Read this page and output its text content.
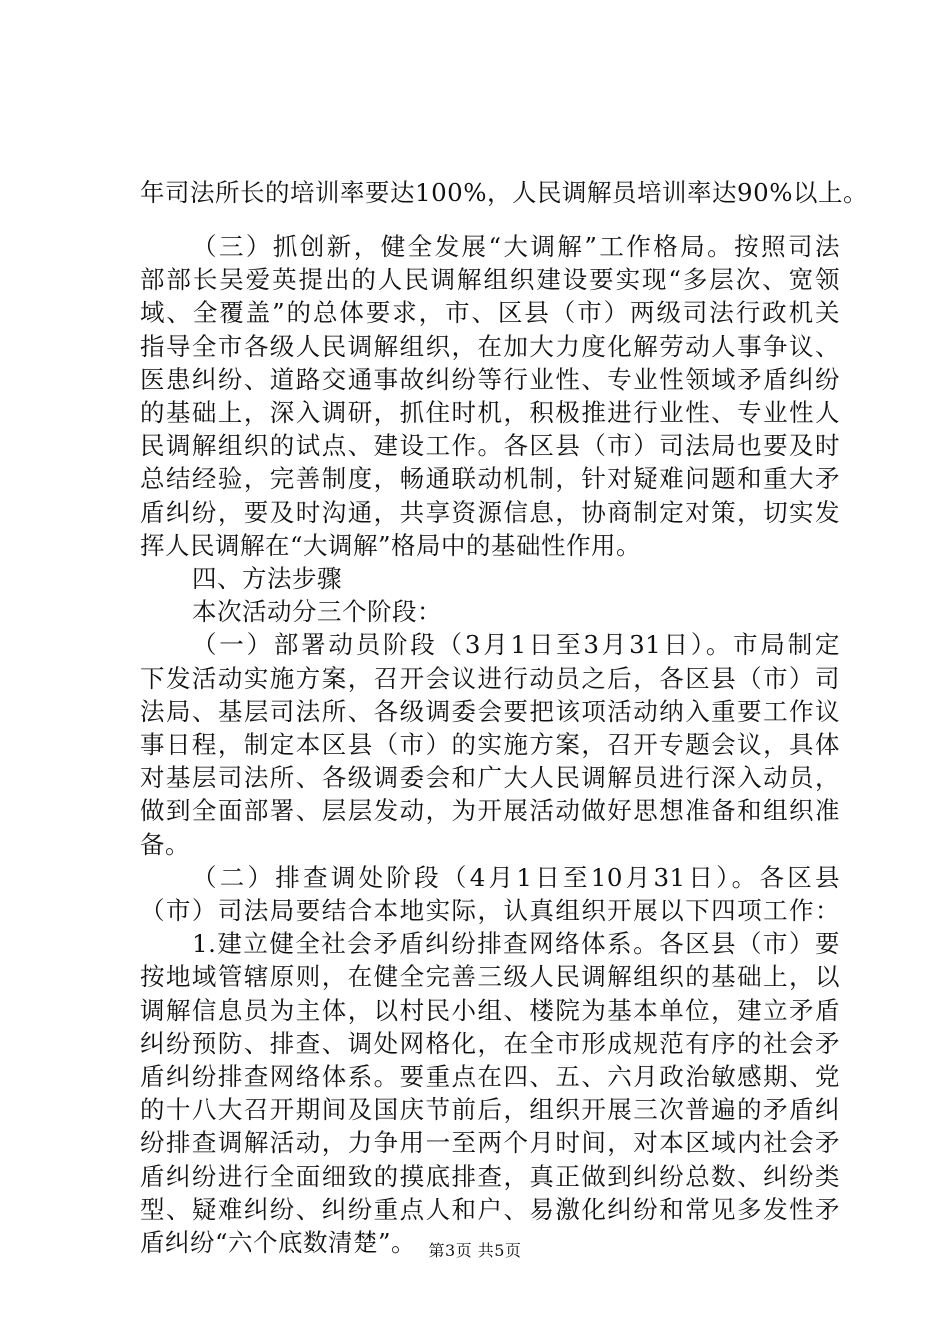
年司法所长的培训率要达100%，人民调解员培训率达90%以上。
（三）抓创新，健全发展“大调解”工作格局。按照司法
部部长吴爱英提出的人民调解组织建设要实现“多层次、宽领
域、全覆盖”的总体要求，市、区县（市）两级司法行政机关
指导全市各级人民调解组织，在加大力度化解劳动人事争议、
医患纠纷、道路交通事故纠纷等行业性、专业性领域矛盾纠纷
的基础上，深入调研，抓住时机，积极推进行业性、专业性人
民调解组织的试点、建设工作。各区县（市）司法局也要及时
总结经验，完善制度，畅通联动机制，针对疑难问题和重大矛
盾纠纷，要及时沟通，共享资源信息，协商制定对策，切实发
挥人民调解在“大调解”格局中的基础性作用。
四、方法步骤
本次活动分三个阶段：
（一）部署动员阶段（3月1日至3月31日）。市局制定
下发活动实施方案，召开会议进行动员之后，各区县（市）司
法局、基层司法所、各级调委会要把该项活动纳入重要工作议
事日程，制定本区县（市）的实施方案，召开专题会议，具体
对基层司法所、各级调委会和广大人民调解员进行深入动员，
做到全面部署、层层发动，为开展活动做好思想准备和组织准
备。
（二）排查调处阶段（4月1日至10月31日）。各区县
（市）司法局要结合本地实际，认真组织开展以下四项工作：
1.建立健全社会矛盾纠纷排查网络体系。各区县（市）要
按地域管辖原则，在健全完善三级人民调解组织的基础上，以
调解信息员为主体，以村民小组、楼院为基本单位，建立矛盾
纠纷预防、排查、调处网格化，在全市形成规范有序的社会矛
盾纠纷排查网络体系。要重点在四、五、六月政治敏感期、党
的十八大召开期间及国庆节前后，组织开展三次普遍的矛盾纠
纷排查调解活动，力争用一至两个月时间，对本区域内社会矛
盾纠纷进行全面细致的摸底排查，真正做到纠纷总数、纠纷类
型、疑难纠纷、纠纷重点人和户、易激化纠纷和常见多发性矛
盾纠纷“六个底数清楚”。 第3页 共5页
